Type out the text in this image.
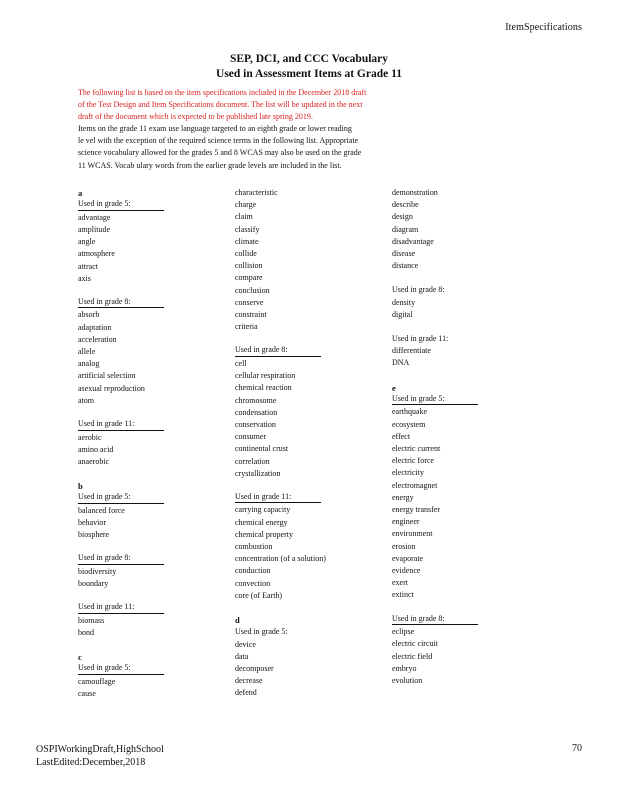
ItemSpecifications
SEP, DCI, and CCC Vocabulary
Used in Assessment Items at Grade 11
The following list is based on the item specifications included in the December 2018 draft
of the Test Design and Item Specifications document. The list will be updated in the next
draft of the document which is expected to be published late spring 2019.
Items on the grade 11 exam use language targeted to an eighth grade or lower reading
le vel with the exception of the required science terms in the following list. Appropriate
science vocabulary allowed for the grades 5 and 8 WCAS may also be used on the grade
11 WCAS. Vocab ulary words from the earlier grade levels are included in the list.
a
Used in grade 5:
advantage
amplitude
angle
atmosphere
attract
axis
Used in grade 8:
absorb
adaptation
acceleration
allele
analog
artificial selection
asexual reproduction
atom
Used in grade 11:
aerobic
amino acid
anaerobic
b
Used in grade 5:
balanced force
behavior
biosphere
Used in grade 8:
biodiversity
boundary
Used in grade 11:
biomass
bond
c
Used in grade 5:
camouflage
cause
characteristic
charge
claim
classify
climate
collide
collision
compare
conclusion
conserve
constraint
criteria
Used in grade 8:
cell
cellular respiration
chemical reaction
chromosome
condensation
conservation
consumer
continental crust
correlation
crystallization
Used in grade 11:
carrying capacity
chemical energy
chemical property
combustion
concentration (of a solution)
conduction
convection
core (of Earth)
d
Used in grade 5:
device
data
decomposer
decrease
defend
demonstration
describe
design
diagram
disadvantage
disease
distance
Used in grade 8:
density
digital
Used in grade 11:
differentiate
DNA
e
Used in grade 5:
earthquake
ecosystem
effect
electric current
electric force
electricity
electromagnet
energy
energy transfer
engineer
environment
erosion
evaporate
evidence
exert
extinct
Used in grade 8:
eclipse
electric circuit
electric field
embryo
evolution
OSPIWorkingDraft,HighSchool
LastEdited:December,2018
70
